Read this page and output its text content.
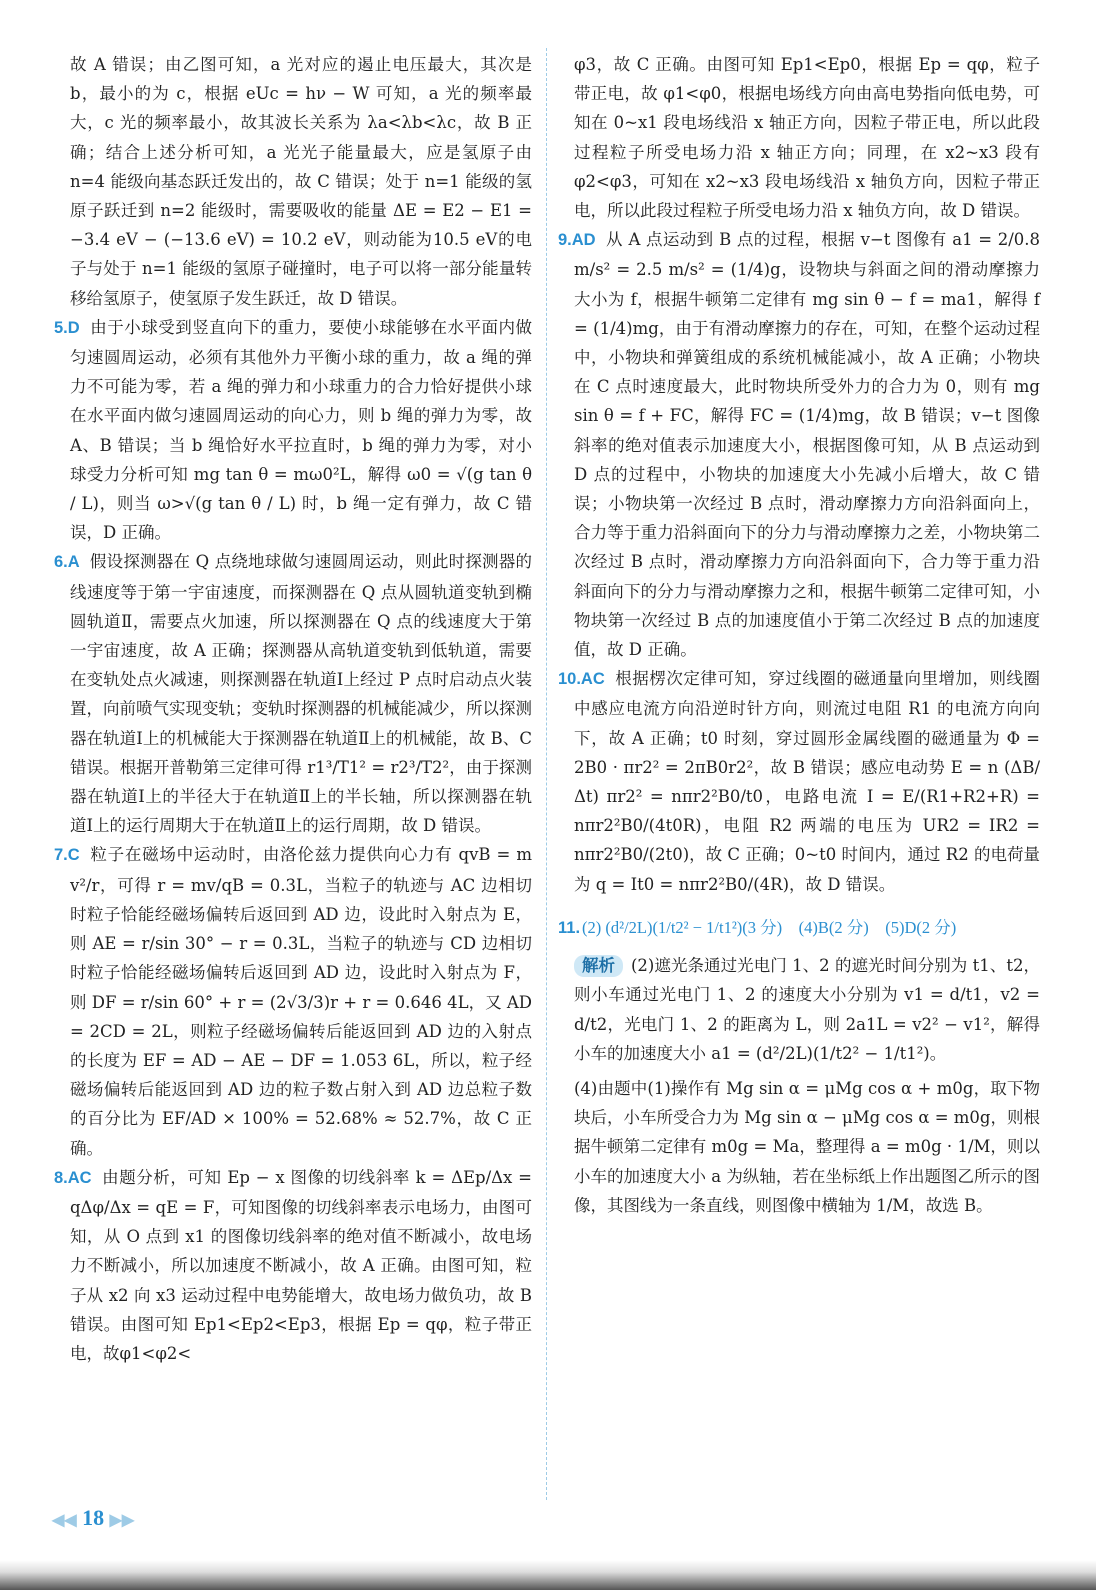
故 A 错误；由乙图可知，a 光对应的遏止电压最大，其次是 b，最小的为 c，根据 eUc = hν − W 可知，a 光的频率最大，c 光的频率最小，故其波长关系为 λa<λb<λc，故 B 正确；结合上述分析可知，a 光光子能量最大，应是氢原子由 n=4 能级向基态跃迁发出的，故 C 错误；处于 n=1 能级的氢原子跃迁到 n=2 能级时，需要吸收的能量 ΔE = E2 − E1 = −3.4 eV − (−13.6 eV) = 10.2 eV，则动能为10.5 eV的电子与处于 n=1 能级的氢原子碰撞时，电子可以将一部分能量转移给氢原子，使氢原子发生跃迁，故 D 错误。

5.D 由于小球受到竖直向下的重力，要使小球能够在水平面内做匀速圆周运动，必须有其他外力平衡小球的重力，故 a 绳的弹力不可能为零，若 a 绳的弹力和小球重力的合力恰好提供小球在水平面内做匀速圆周运动的向心力，则 b 绳的弹力为零，故 A、B 错误；当 b 绳恰好水平拉直时，b 绳的弹力为零，对小球受力分析可知 mg tan θ = mω0²L，解得 ω0 = √(g tan θ / L)，则当 ω>√(g tan θ / L) 时，b 绳一定有弹力，故 C 错误，D 正确。

6.A 假设探测器在 Q 点绕地球做匀速圆周运动，则此时探测器的线速度等于第一宇宙速度，而探测器在 Q 点从圆轨道变轨到椭圆轨道Ⅱ，需要点火加速，所以探测器在 Q 点的线速度大于第一宇宙速度，故 A 正确；探测器从高轨道变轨到低轨道，需要在变轨处点火减速，则探测器在轨道Ⅰ上经过 P 点时启动点火装置，向前喷气实现变轨；变轨时探测器的机械能减少，所以探测器在轨道Ⅰ上的机械能大于探测器在轨道Ⅱ上的机械能，故 B、C 错误。根据开普勒第三定律可得 r1³/T1² = r2³/T2²，由于探测器在轨道Ⅰ上的半径大于在轨道Ⅱ上的半长轴，所以探测器在轨道Ⅰ上的运行周期大于在轨道Ⅱ上的运行周期，故 D 错误。

7.C 粒子在磁场中运动时，由洛伦兹力提供向心力有 qvB = m v²/r，可得 r = mv/qB = 0.3L，当粒子的轨迹与 AC 边相切时粒子恰能经磁场偏转后返回到 AD 边，设此时入射点为 E，则 AE = r/sin 30° − r = 0.3L，当粒子的轨迹与 CD 边相切时粒子恰能经磁场偏转后返回到 AD 边，设此时入射点为 F，则 DF = r/sin 60° + r = (2√3/3)r + r = 0.646 4L，又 AD = 2CD = 2L，则粒子经磁场偏转后能返回到 AD 边的入射点的长度为 EF = AD − AE − DF = 1.053 6L，所以，粒子经磁场偏转后能返回到 AD 边的粒子数占射入到 AD 边总粒子数的百分比为 EF/AD × 100% = 52.68% ≈ 52.7%，故 C 正确。

8.AC 由题分析，可知 Ep − x 图像的切线斜率 k = ΔEp/Δx = qΔφ/Δx = qE = F，可知图像的切线斜率表示电场力，由图可知，从 O 点到 x1 的图像切线斜率的绝对值不断减小，故电场力不断减小，所以加速度不断减小，故 A 正确。由图可知，粒子从 x2 向 x3 运动过程中电势能增大，故电场力做负功，故 B 错误。由图可知 Ep1<Ep2<Ep3，根据 Ep = qφ，粒子带正电，故φ1<φ2<

φ3，故 C 正确。由图可知 Ep1<Ep0，根据 Ep = qφ，粒子带正电，故 φ1<φ0，根据电场线方向由高电势指向低电势，可知在 0~x1 段电场线沿 x 轴正方向，因粒子带正电，所以此段过程粒子所受电场力沿 x 轴正方向；同理，在 x2~x3 段有 φ2<φ3，可知在 x2~x3 段电场线沿 x 轴负方向，因粒子带正电，所以此段过程粒子所受电场力沿 x 轴负方向，故 D 错误。

9.AD 从 A 点运动到 B 点的过程，根据 v−t 图像有 a1 = 2/0.8 m/s² = 2.5 m/s² = (1/4)g，设物块与斜面之间的滑动摩擦力大小为 f，根据牛顿第二定律有 mg sin θ − f = ma1，解得 f = (1/4)mg，由于有滑动摩擦力的存在，可知，在整个运动过程中，小物块和弹簧组成的系统机械能减小，故 A 正确；小物块在 C 点时速度最大，此时物块所受外力的合力为 0，则有 mg sin θ = f + FC，解得 FC = (1/4)mg，故 B 错误；v−t 图像斜率的绝对值表示加速度大小，根据图像可知，从 B 点运动到 D 点的过程中，小物块的加速度大小先减小后增大，故 C 错误；小物块第一次经过 B 点时，滑动摩擦力方向沿斜面向上，合力等于重力沿斜面向下的分力与滑动摩擦力之差，小物块第二次经过 B 点时，滑动摩擦力方向沿斜面向下，合力等于重力沿斜面向下的分力与滑动摩擦力之和，根据牛顿第二定律可知，小物块第一次经过 B 点的加速度值小于第二次经过 B 点的加速度值，故 D 正确。

10.AC 根据楞次定律可知，穿过线圈的磁通量向里增加，则线圈中感应电流方向沿逆时针方向，则流过电阻 R1 的电流方向向下，故 A 正确；t0 时刻，穿过圆形金属线圈的磁通量为 Φ = 2B0 · πr2² = 2πB0r2²，故 B 错误；感应电动势 E = n (ΔB/Δt) πr2² = nπr2²B0/t0，电路电流 I = E/(R1+R2+R) = nπr2²B0/(4t0R)，电阻 R2 两端的电压为 UR2 = IR2 = nπr2²B0/(2t0)，故 C 正确；0~t0 时间内，通过 R2 的电荷量为 q = It0 = nπr2²B0/(4R)，故 D 错误。

11. (2) (d²/2L)(1/t2² − 1/t1²)(3 分)　(4)B(2 分)　(5)D(2 分)

解析 (2)遮光条通过光电门 1、2 的遮光时间分别为 t1、t2，则小车通过光电门 1、2 的速度大小分别为 v1 = d/t1，v2 = d/t2，光电门 1、2 的距离为 L，则 2a1L = v2² − v1²，解得小车的加速度大小 a1 = (d²/2L)(1/t2² − 1/t1²)。

(4)由题中(1)操作有 Mg sin α = μMg cos α + m0g，取下物块后，小车所受合力为 Mg sin α − μMg cos α = m0g，则根据牛顿第二定律有 m0g = Ma，整理得 a = m0g · 1/M，则以小车的加速度大小 a 为纵轴，若在坐标纸上作出题图乙所示的图像，其图线为一条直线，则图像中横轴为 1/M，故选 B。

◀◀ 18 ▶▶
